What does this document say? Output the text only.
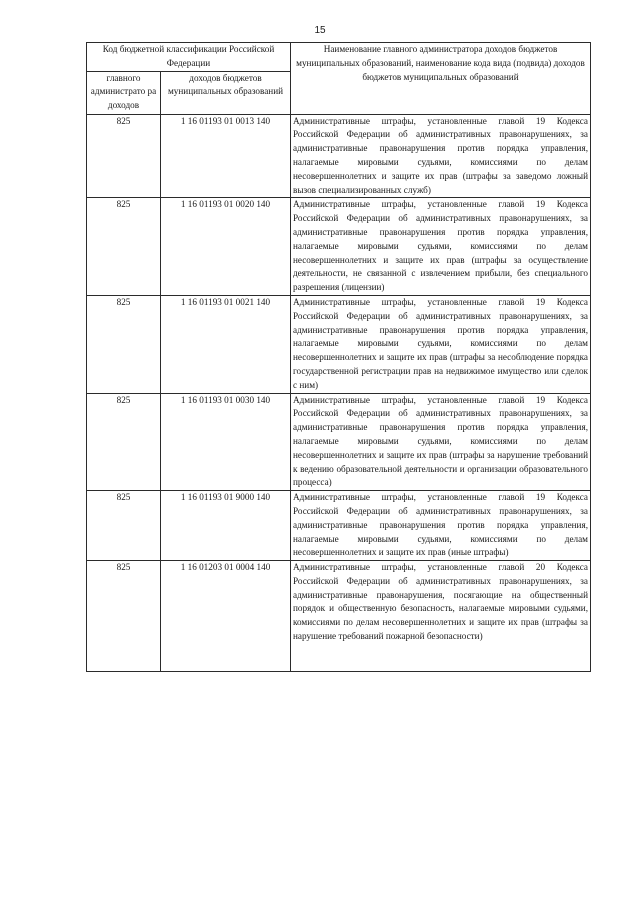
15
Код бюджетной классификации Российской Федерации		Наименование главного администратора доходов бюджетов муниципальных образований, наименование кода вида (подвида) доходов бюджетов муниципальных образований
главного администрато ра доходов	доходов бюджетов муниципальных образований	
825	1 16 01193 01 0013 140	Административные штрафы, установленные главой 19 Кодекса Российской Федерации об административных правонарушениях, за административные правонарушения против порядка управления, налагаемые мировыми судьями, комиссиями по делам несовершеннолетних и защите их прав (штрафы за заведомо ложный вызов специализированных служб)
825	1 16 01193 01 0020 140	Административные штрафы, установленные главой 19 Кодекса Российской Федерации об административных правонарушениях, за административные правонарушения против порядка управления, налагаемые мировыми судьями, комиссиями по делам несовершеннолетних и защите их прав (штрафы за осуществление деятельности, не связанной с извлечением прибыли, без специального разрешения (лицензии)
825	1 16 01193 01 0021 140	Административные штрафы, установленные главой 19 Кодекса Российской Федерации об административных правонарушениях, за административные правонарушения против порядка управления, налагаемые мировыми судьями, комиссиями по делам несовершеннолетних и защите их прав (штрафы за несоблюдение порядка государственной регистрации прав на недвижимое имущество или сделок с ним)
825	1 16 01193 01 0030 140	Административные штрафы, установленные главой 19 Кодекса Российской Федерации об административных правонарушениях, за административные правонарушения против порядка управления, налагаемые мировыми судьями, комиссиями по делам несовершеннолетних и защите их прав (штрафы за нарушение требований к ведению образовательной деятельности и организации образовательного процесса)
825	1 16 01193 01 9000 140	Административные штрафы, установленные главой 19 Кодекса Российской Федерации об административных правонарушениях, за административные правонарушения против порядка управления, налагаемые мировыми судьями, комиссиями по делам несовершеннолетних и защите их прав (иные штрафы)
825	1 16 01203 01 0004 140	Административные штрафы, установленные главой 20 Кодекса Российской Федерации об административных правонарушениях, за административные правонарушения, посягающие на общественный порядок и общественную безопасность, налагаемые мировыми судьями, комиссиями по делам несовершеннолетних и защите их прав (штрафы за нарушение требований пожарной безопасности)
